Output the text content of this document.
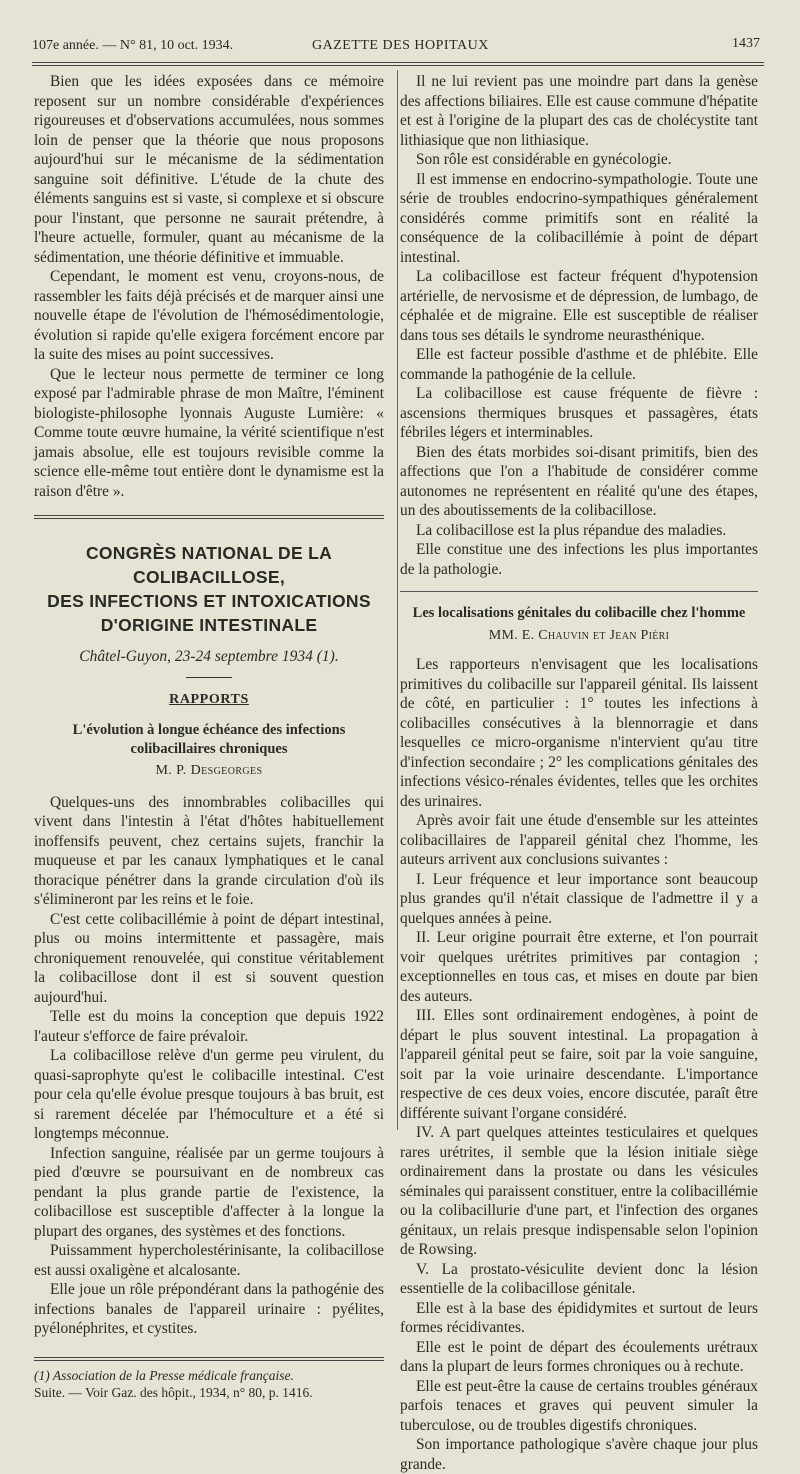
107e année. — N° 81, 10 oct. 1934.	GAZETTE DES HOPITAUX	1437

Bien que les idées exposées dans ce mémoire reposent sur un nombre considérable d'expériences rigoureuses et d'observations accumulées, nous sommes loin de penser que la théorie que nous proposons aujourd'hui sur le mécanisme de la sédimentation sanguine soit définitive. L'étude de la chute des éléments sanguins est si vaste, si complexe et si obscure pour l'instant, que personne ne saurait prétendre, à l'heure actuelle, formuler, quant au mécanisme de la sédimentation, une théorie définitive et immuable.

Cependant, le moment est venu, croyons-nous, de rassembler les faits déjà précisés et de marquer ainsi une nouvelle étape de l'évolution de l'hémosédimentologie, évolution si rapide qu'elle exigera forcément encore par la suite des mises au point successives.

Que le lecteur nous permette de terminer ce long exposé par l'admirable phrase de mon Maître, l'éminent biologiste-philosophe lyonnais Auguste Lumière: « Comme toute œuvre humaine, la vérité scientifique n'est jamais absolue, elle est toujours revisible comme la science elle-même tout entière dont le dynamisme est la raison d'être ».

CONGRÈS NATIONAL DE LA COLIBACILLOSE,
DES INFECTIONS ET INTOXICATIONS
D'ORIGINE INTESTINALE
Châtel-Guyon, 23-24 septembre 1934 (1).
RAPPORTS
L'évolution à longue échéance des infections colibacillaires chroniques
M. P. Desgeorges

Quelques-uns des innombrables colibacilles qui vivent dans l'intestin à l'état d'hôtes habituellement inoffensifs peuvent, chez certains sujets, franchir la muqueuse et par les canaux lymphatiques et le canal thoracique pénétrer dans la grande circulation d'où ils s'élimineront par les reins et le foie.

C'est cette colibacillémie à point de départ intestinal, plus ou moins intermittente et passagère, mais chroniquement renouvelée, qui constitue véritablement la colibacillose dont il est si souvent question aujourd'hui.

Telle est du moins la conception que depuis 1922 l'auteur s'efforce de faire prévaloir.

La colibacillose relève d'un germe peu virulent, du quasi-saprophyte qu'est le colibacille intestinal. C'est pour cela qu'elle évolue presque toujours à bas bruit, est si rarement décelée par l'hémoculture et a été si longtemps méconnue.

Infection sanguine, réalisée par un germe toujours à pied d'œuvre se poursuivant en de nombreux cas pendant la plus grande partie de l'existence, la colibacillose est susceptible d'affecter à la longue la plupart des organes, des systèmes et des fonctions.

Puissamment hypercholestérinisante, la colibacillose est aussi oxaligène et alcalosante.

Elle joue un rôle prépondérant dans la pathogénie des infections banales de l'appareil urinaire : pyélites, pyélonéphrites, et cystites.

(1) Association de la Presse médicale française.

Suite. — Voir Gaz. des hôpit., 1934, n° 80, p. 1416.

Il ne lui revient pas une moindre part dans la genèse des affections biliaires. Elle est cause commune d'hépatite et est à l'origine de la plupart des cas de cholécystite tant lithiasique que non lithiasique.

Son rôle est considérable en gynécologie.

Il est immense en endocrino-sympathologie. Toute une série de troubles endocrino-sympathiques généralement considérés comme primitifs sont en réalité la conséquence de la colibacillémie à point de départ intestinal.

La colibacillose est facteur fréquent d'hypotension artérielle, de nervosisme et de dépression, de lumbago, de céphalée et de migraine. Elle est susceptible de réaliser dans tous ses détails le syndrome neurasthénique.

Elle est facteur possible d'asthme et de phlébite. Elle commande la pathogénie de la cellule.

La colibacillose est cause fréquente de fièvre : ascensions thermiques brusques et passagères, états fébriles légers et interminables.

Bien des états morbides soi-disant primitifs, bien des affections que l'on a l'habitude de considérer comme autonomes ne représentent en réalité qu'une des étapes, un des aboutissements de la colibacillose.

La colibacillose est la plus répandue des maladies.

Elle constitue une des infections les plus importantes de la pathologie.

Les localisations génitales du colibacille chez l'homme
MM. E. Chauvin et Jean Piéri

Les rapporteurs n'envisagent que les localisations primitives du colibacille sur l'appareil génital. Ils laissent de côté, en particulier : 1° toutes les infections à colibacilles consécutives à la blennorragie et dans lesquelles ce micro-organisme n'intervient qu'au titre d'infection secondaire ; 2° les complications génitales des infections vésico-rénales évidentes, telles que les orchites des urinaires.

Après avoir fait une étude d'ensemble sur les atteintes colibacillaires de l'appareil génital chez l'homme, les auteurs arrivent aux conclusions suivantes :

I. Leur fréquence et leur importance sont beaucoup plus grandes qu'il n'était classique de l'admettre il y a quelques années à peine.

II. Leur origine pourrait être externe, et l'on pourrait voir quelques urétrites primitives par contagion ; exceptionnelles en tous cas, et mises en doute par bien des auteurs.

III. Elles sont ordinairement endogènes, à point de départ le plus souvent intestinal. La propagation à l'appareil génital peut se faire, soit par la voie sanguine, soit par la voie urinaire descendante. L'importance respective de ces deux voies, encore discutée, paraît être différente suivant l'organe considéré.

IV. A part quelques atteintes testiculaires et quelques rares urétrites, il semble que la lésion initiale siège ordinairement dans la prostate ou dans les vésicules séminales qui paraissent constituer, entre la colibacillémie ou la colibacillurie d'une part, et l'infection des organes génitaux, un relais presque indispensable selon l'opinion de Rowsing.

V. La prostato-vésiculite devient donc la lésion essentielle de la colibacillose génitale.

Elle est à la base des épididymites et surtout de leurs formes récidivantes.

Elle est le point de départ des écoulements urétraux dans la plupart de leurs formes chroniques ou à rechute.

Elle est peut-être la cause de certains troubles généraux parfois tenaces et graves qui peuvent simuler la tuberculose, ou de troubles digestifs chroniques.

Son importance pathologique s'avère chaque jour plus grande.
